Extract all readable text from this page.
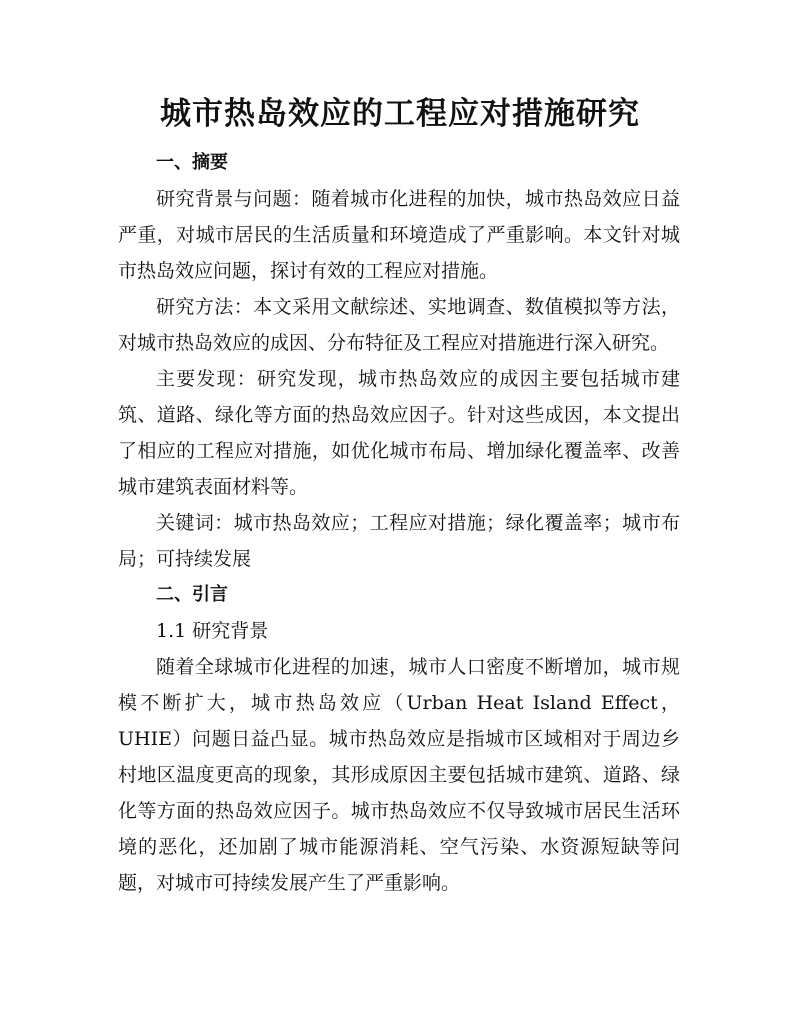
城市热岛效应的工程应对措施研究
一、摘要

研究背景与问题：随着城市化进程的加快，城市热岛效应日益严重，对城市居民的生活质量和环境造成了严重影响。本文针对城市热岛效应问题，探讨有效的工程应对措施。

研究方法：本文采用文献综述、实地调查、数值模拟等方法，对城市热岛效应的成因、分布特征及工程应对措施进行深入研究。

主要发现：研究发现，城市热岛效应的成因主要包括城市建筑、道路、绿化等方面的热岛效应因子。针对这些成因，本文提出了相应的工程应对措施，如优化城市布局、增加绿化覆盖率、改善城市建筑表面材料等。

关键词：城市热岛效应；工程应对措施；绿化覆盖率；城市布局；可持续发展

二、引言
1.1 研究背景

随着全球城市化进程的加速，城市人口密度不断增加，城市规模不断扩大，城市热岛效应（Urban Heat Island Effect，UHIE）问题日益凸显。城市热岛效应是指城市区域相对于周边乡村地区温度更高的现象，其形成原因主要包括城市建筑、道路、绿化等方面的热岛效应因子。城市热岛效应不仅导致城市居民生活环境的恶化，还加剧了城市能源消耗、空气污染、水资源短缺等问题，对城市可持续发展产生了严重影响。
